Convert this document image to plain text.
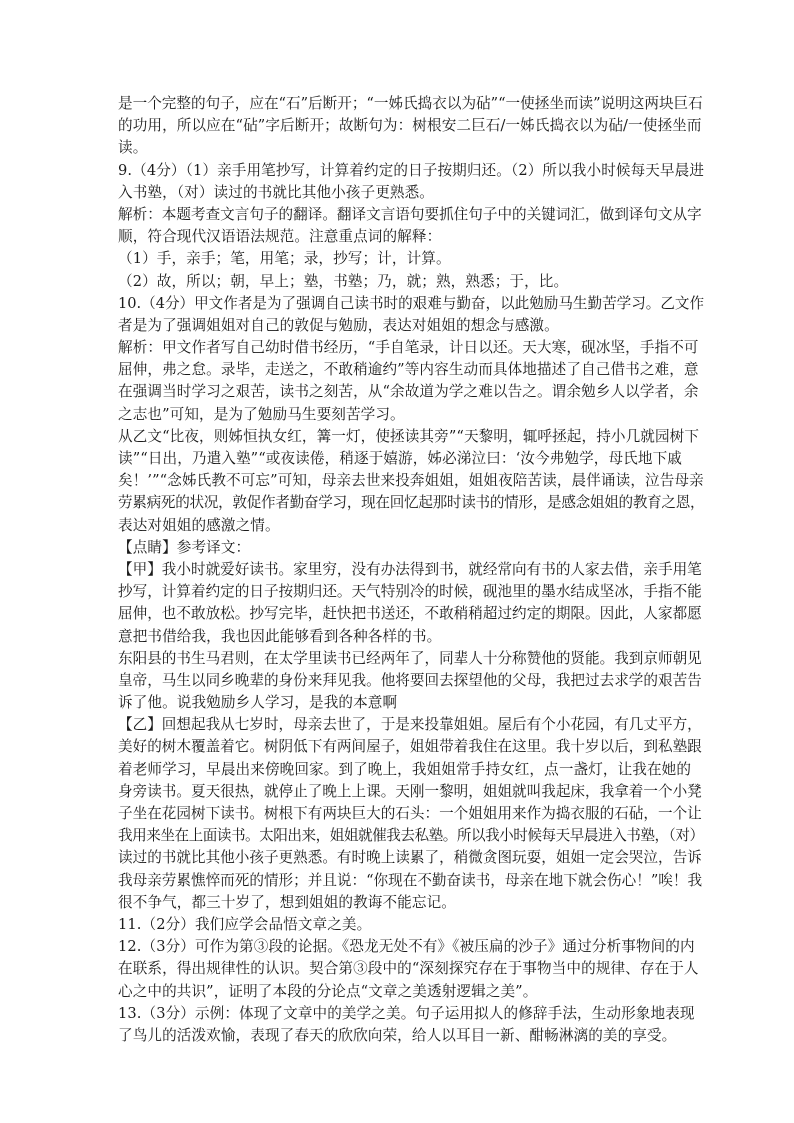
是一个完整的句子，应在“石”后断开；“一姊氏捣衣以为砧”“一使拯坐而读”说明这两块巨石
的功用，所以应在“砧”字后断开；故断句为：树根安二巨石/一姊氏捣衣以为砧/一使拯坐而
读。
9.（4分）（1）亲手用笔抄写，计算着约定的日子按期归还。（2）所以我小时候每天早晨进
入书塾，（对）读过的书就比其他小孩子更熟悉。
解析：本题考查文言句子的翻译。翻译文言语句要抓住句子中的关键词汇，做到译句文从字
顺，符合现代汉语语法规范。注意重点词的解释：
（1）手，亲手；笔，用笔；录，抄写；计，计算。
（2）故，所以；朝，早上；塾，书塾；乃，就；熟，熟悉；于，比。
10.（4分）甲文作者是为了强调自己读书时的艰难与勤奋，以此勉励马生勤苦学习。乙文作
者是为了强调姐姐对自己的敦促与勉励，表达对姐姐的想念与感激。
解析：甲文作者写自己幼时借书经历，“手自笔录，计日以还。天大寒，砚冰坚，手指不可
屈伸，弗之怠。录毕，走送之，不敢稍逾约”等内容生动而具体地描述了自己借书之难，意
在强调当时学习之艰苦，读书之刻苦，从“余故道为学之难以告之。谓余勉乡人以学者，余
之志也”可知，是为了勉励马生要刻苦学习。
从乙文“比夜，则姊恒执女红，篝一灯，使拯读其旁”“天黎明，辄呼拯起，持小几就园树下
读”“日出，乃遣入塾”“或夜读倦，稍逐于嬉游，姊必涕泣曰：‘汝今弗勉学，母氏地下戚
矣！’”“念姊氏教不可忘”可知，母亲去世来投奔姐姐，姐姐夜陪苦读，晨伴诵读，泣告母亲
劳累病死的状况，敦促作者勤奋学习，现在回忆起那时读书的情形，是感念姐姐的教育之恩，
表达对姐姐的感激之情。
【点睛】参考译文：
【甲】我小时就爱好读书。家里穷，没有办法得到书，就经常向有书的人家去借，亲手用笔
抄写，计算着约定的日子按期归还。天气特别冷的时候，砚池里的墨水结成坚冰，手指不能
屈伸，也不敢放松。抄写完毕，赶快把书送还，不敢稍稍超过约定的期限。因此，人家都愿
意把书借给我，我也因此能够看到各种各样的书。
东阳县的书生马君则，在太学里读书已经两年了，同辈人十分称赞他的贤能。我到京师朝见
皇帝，马生以同乡晚辈的身份来拜见我。他将要回去探望他的父母，我把过去求学的艰苦告
诉了他。说我勉励乡人学习，是我的本意啊
【乙】回想起我从七岁时，母亲去世了，于是来投靠姐姐。屋后有个小花园，有几丈平方，
美好的树木覆盖着它。树阴低下有两间屋子，姐姐带着我住在这里。我十岁以后，到私塾跟
着老师学习，早晨出来傍晚回家。到了晚上，我姐姐常手持女红，点一盏灯，让我在她的
身旁读书。夏天很热，就停止了晚上上课。天刚一黎明，姐姐就叫我起床，我拿着一个小凳
子坐在花园树下读书。树根下有两块巨大的石头：一个姐姐用来作为捣衣服的石砧，一个让
我用来坐在上面读书。太阳出来，姐姐就催我去私塾。所以我小时候每天早晨进入书塾，（对）
读过的书就比其他小孩子更熟悉。有时晚上读累了，稍微贪图玩耍，姐姐一定会哭泣，告诉
我母亲劳累憔悴而死的情形；并且说：“你现在不勤奋读书，母亲在地下就会伤心！”唉！我
很不争气，都三十岁了，想到姐姐的教诲不能忘记。
11.（2分）我们应学会品悟文章之美。
12.（3分）可作为第③段的论据。《恐龙无处不有》《被压扁的沙子》通过分析事物间的内
在联系，得出规律性的认识。契合第③段中的“深刻探究存在于事物当中的规律、存在于人
心之中的共识”，证明了本段的分论点“文章之美透射逻辑之美”。
13.（3分）示例：体现了文章中的美学之美。句子运用拟人的修辞手法，生动形象地表现
了鸟儿的活泼欢愉，表现了春天的欣欣向荣，给人以耳目一新、酣畅淋漓的美的享受。
